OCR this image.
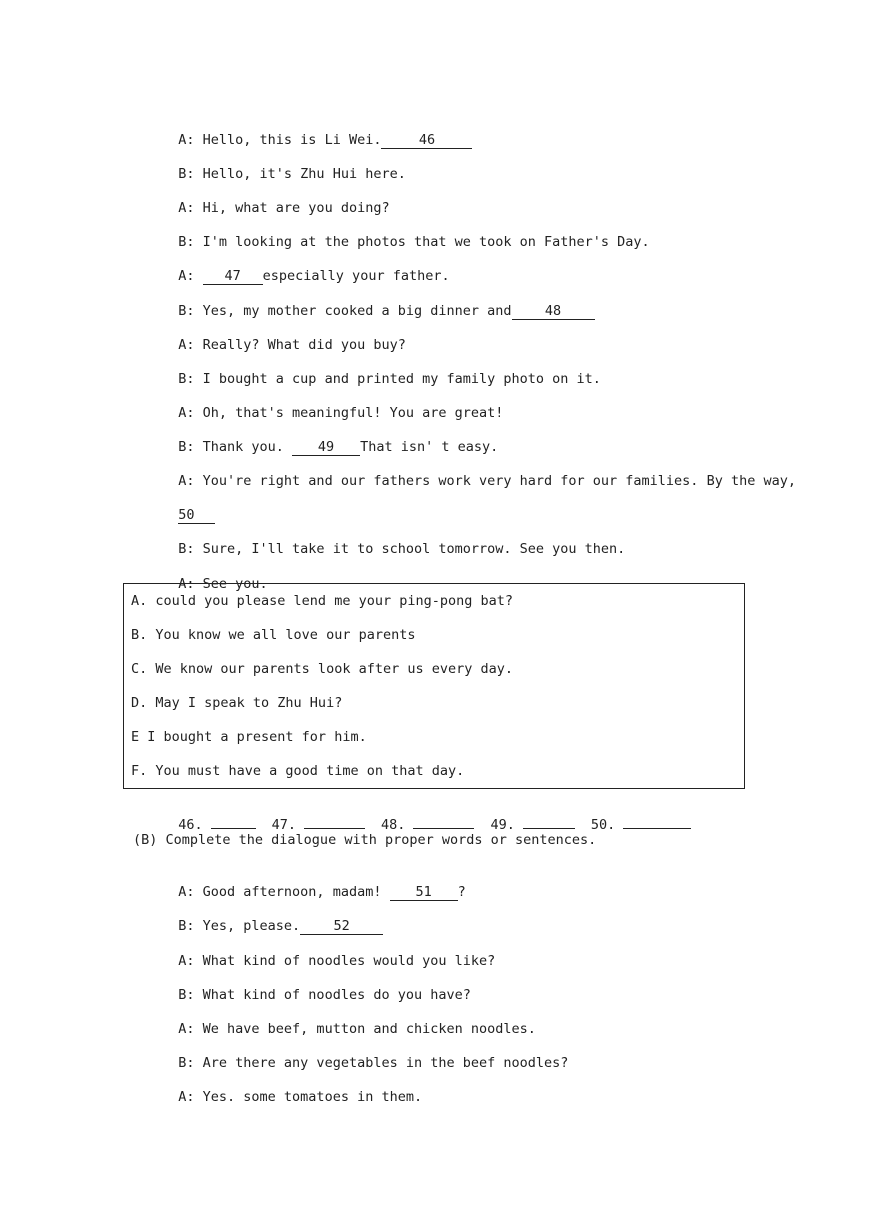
A: Hello, this is Li Wei.	46

B: Hello, it's Zhu Hui here.

A: Hi, what are you doing?

B: I'm looking at the photos that we took on Father's Day.

A: 47 especially your father.

B: Yes, my mother cooked a big dinner and 48

A: Really? What did you buy?

B: I bought a cup and printed my family photo on it.

A: Oh, that's meaningful! You are great!

B: Thank you. 49 That isn' t easy.

A: You're right and our fathers work very hard for our families. By the way,

50

B: Sure, I'll take it to school tomorrow. See you then.

A: See you.

A. could you please lend me your ping-pong bat?
B. You know we all love our parents
C. We know our parents look after us every day.
D. May I speak to Zhu Hui?
E I bought a present for him.
F. You must have a good time on that day.

46.	47.	48.	49.	50.

(B) Complete the dialogue with proper words or sentences.

A: Good afternoon, madam! 51 ?

B: Yes, please. 52

A: What kind of noodles would you like?

B: What kind of noodles do you have?

A: We have beef, mutton and chicken noodles.

B: Are there any vegetables in the beef noodles?

A: Yes. some tomatoes in them.
